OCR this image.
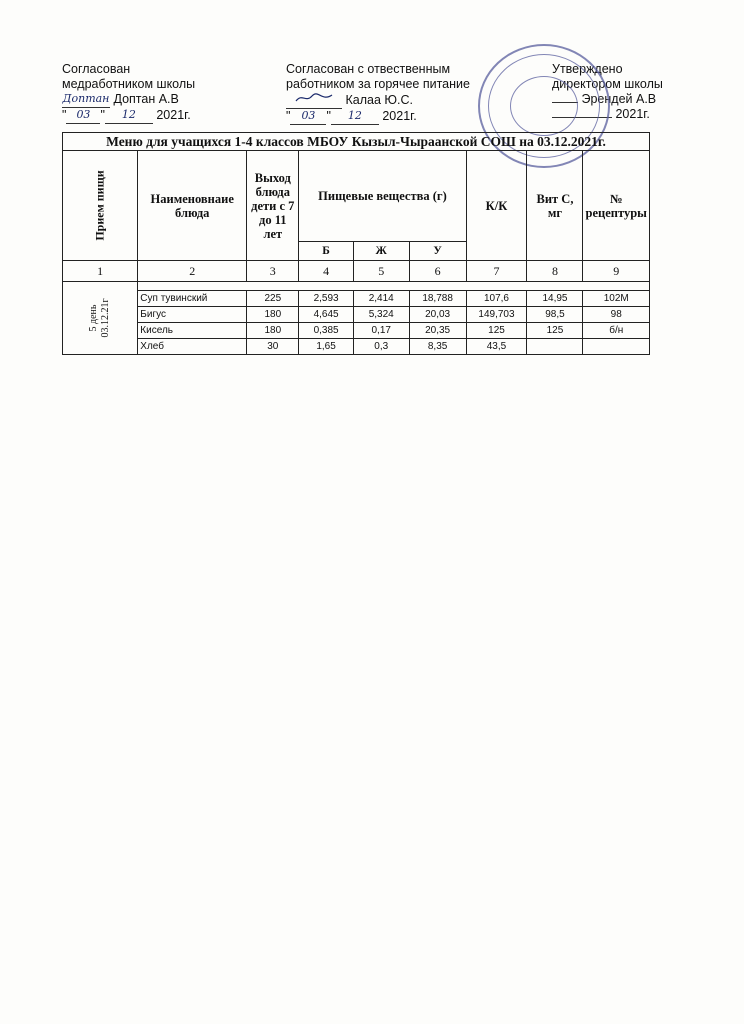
Согласован
медработником школы
Доптан Доптан А.В
" 03 " 12 2021г.
Согласован с отвественным
работником за горячее питание
Калаа Ю.С.
" 03 " 12 2021г.
Утверждено
директором школы
Эрендей А.В
2021г.
Меню для учащихся 1-4 классов МБОУ Кызыл-Чыраанской СОШ на 03.12.2021г.								

Прием пищи	Наименовнаие блюда	Выход блюда дети с 7 до 11 лет	Пищевые вещества (г)			К/К	Вит С, мг	№ рецептуры
			Б	Ж	У			
1	2	3	4	5	6	7	8	9

5 день 03.12.21г								

	Суп тувинский	225	2,593	2,414	18,788	107,6	14,95	102М
	Бигус	180	4,645	5,324	20,03	149,703	98,5	98
	Кисель	180	0,385	0,17	20,35	125	125	б/н
	Хлеб	30	1,65	0,3	8,35	43,5		
